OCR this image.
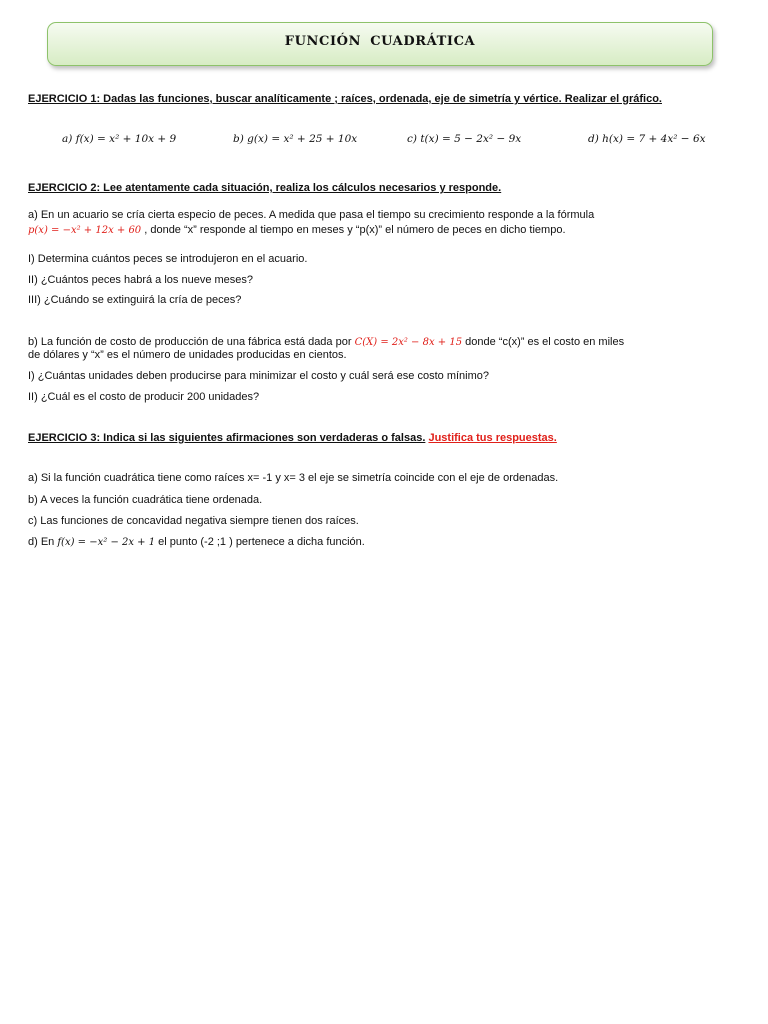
FUNCIÓN CUADRÁTICA
EJERCICIO 1: Dadas las funciones, buscar analíticamente ; raíces, ordenada, eje de simetría y vértice. Realizar el gráfico.
a) f(x) = x² + 10x + 9	b) g(x) = x² + 25 + 10x	c) t(x) = 5 − 2x² − 9x	d) h(x) = 7 + 4x² − 6x
EJERCICIO 2: Lee atentamente cada situación, realiza los cálculos necesarios y responde.
a) En un acuario se cría cierta especio de peces. A medida que pasa el tiempo su crecimiento responde a la fórmula
p(x) = −x² + 12x + 60 , donde “x” responde al tiempo en meses y “p(x)” el número de peces en dicho tiempo.
I) Determina cuántos peces se introdujeron en el acuario.
II) ¿Cuántos peces habrá a los nueve meses?
III) ¿Cuándo se extinguirá la cría de peces?
b) La función de costo de producción de una fábrica está dada por C(X) = 2x² − 8x + 15 donde “c(x)” es el costo en miles
de dólares y “x” es el número de unidades producidas en cientos.
I) ¿Cuántas unidades deben producirse para minimizar el costo y cuál será ese costo mínimo?
II) ¿Cuál es el costo de producir 200 unidades?
EJERCICIO 3: Indica si las siguientes afirmaciones son verdaderas o falsas. Justifica tus respuestas.
a) Si la función cuadrática tiene como raíces x= -1 y x= 3 el eje se simetría coincide con el eje de ordenadas.
b) A veces la función cuadrática tiene ordenada.
c) Las funciones de concavidad negativa siempre tienen dos raíces.
d) En f(x) = −x² − 2x + 1 el punto (-2 ;1 ) pertenece a dicha función.
